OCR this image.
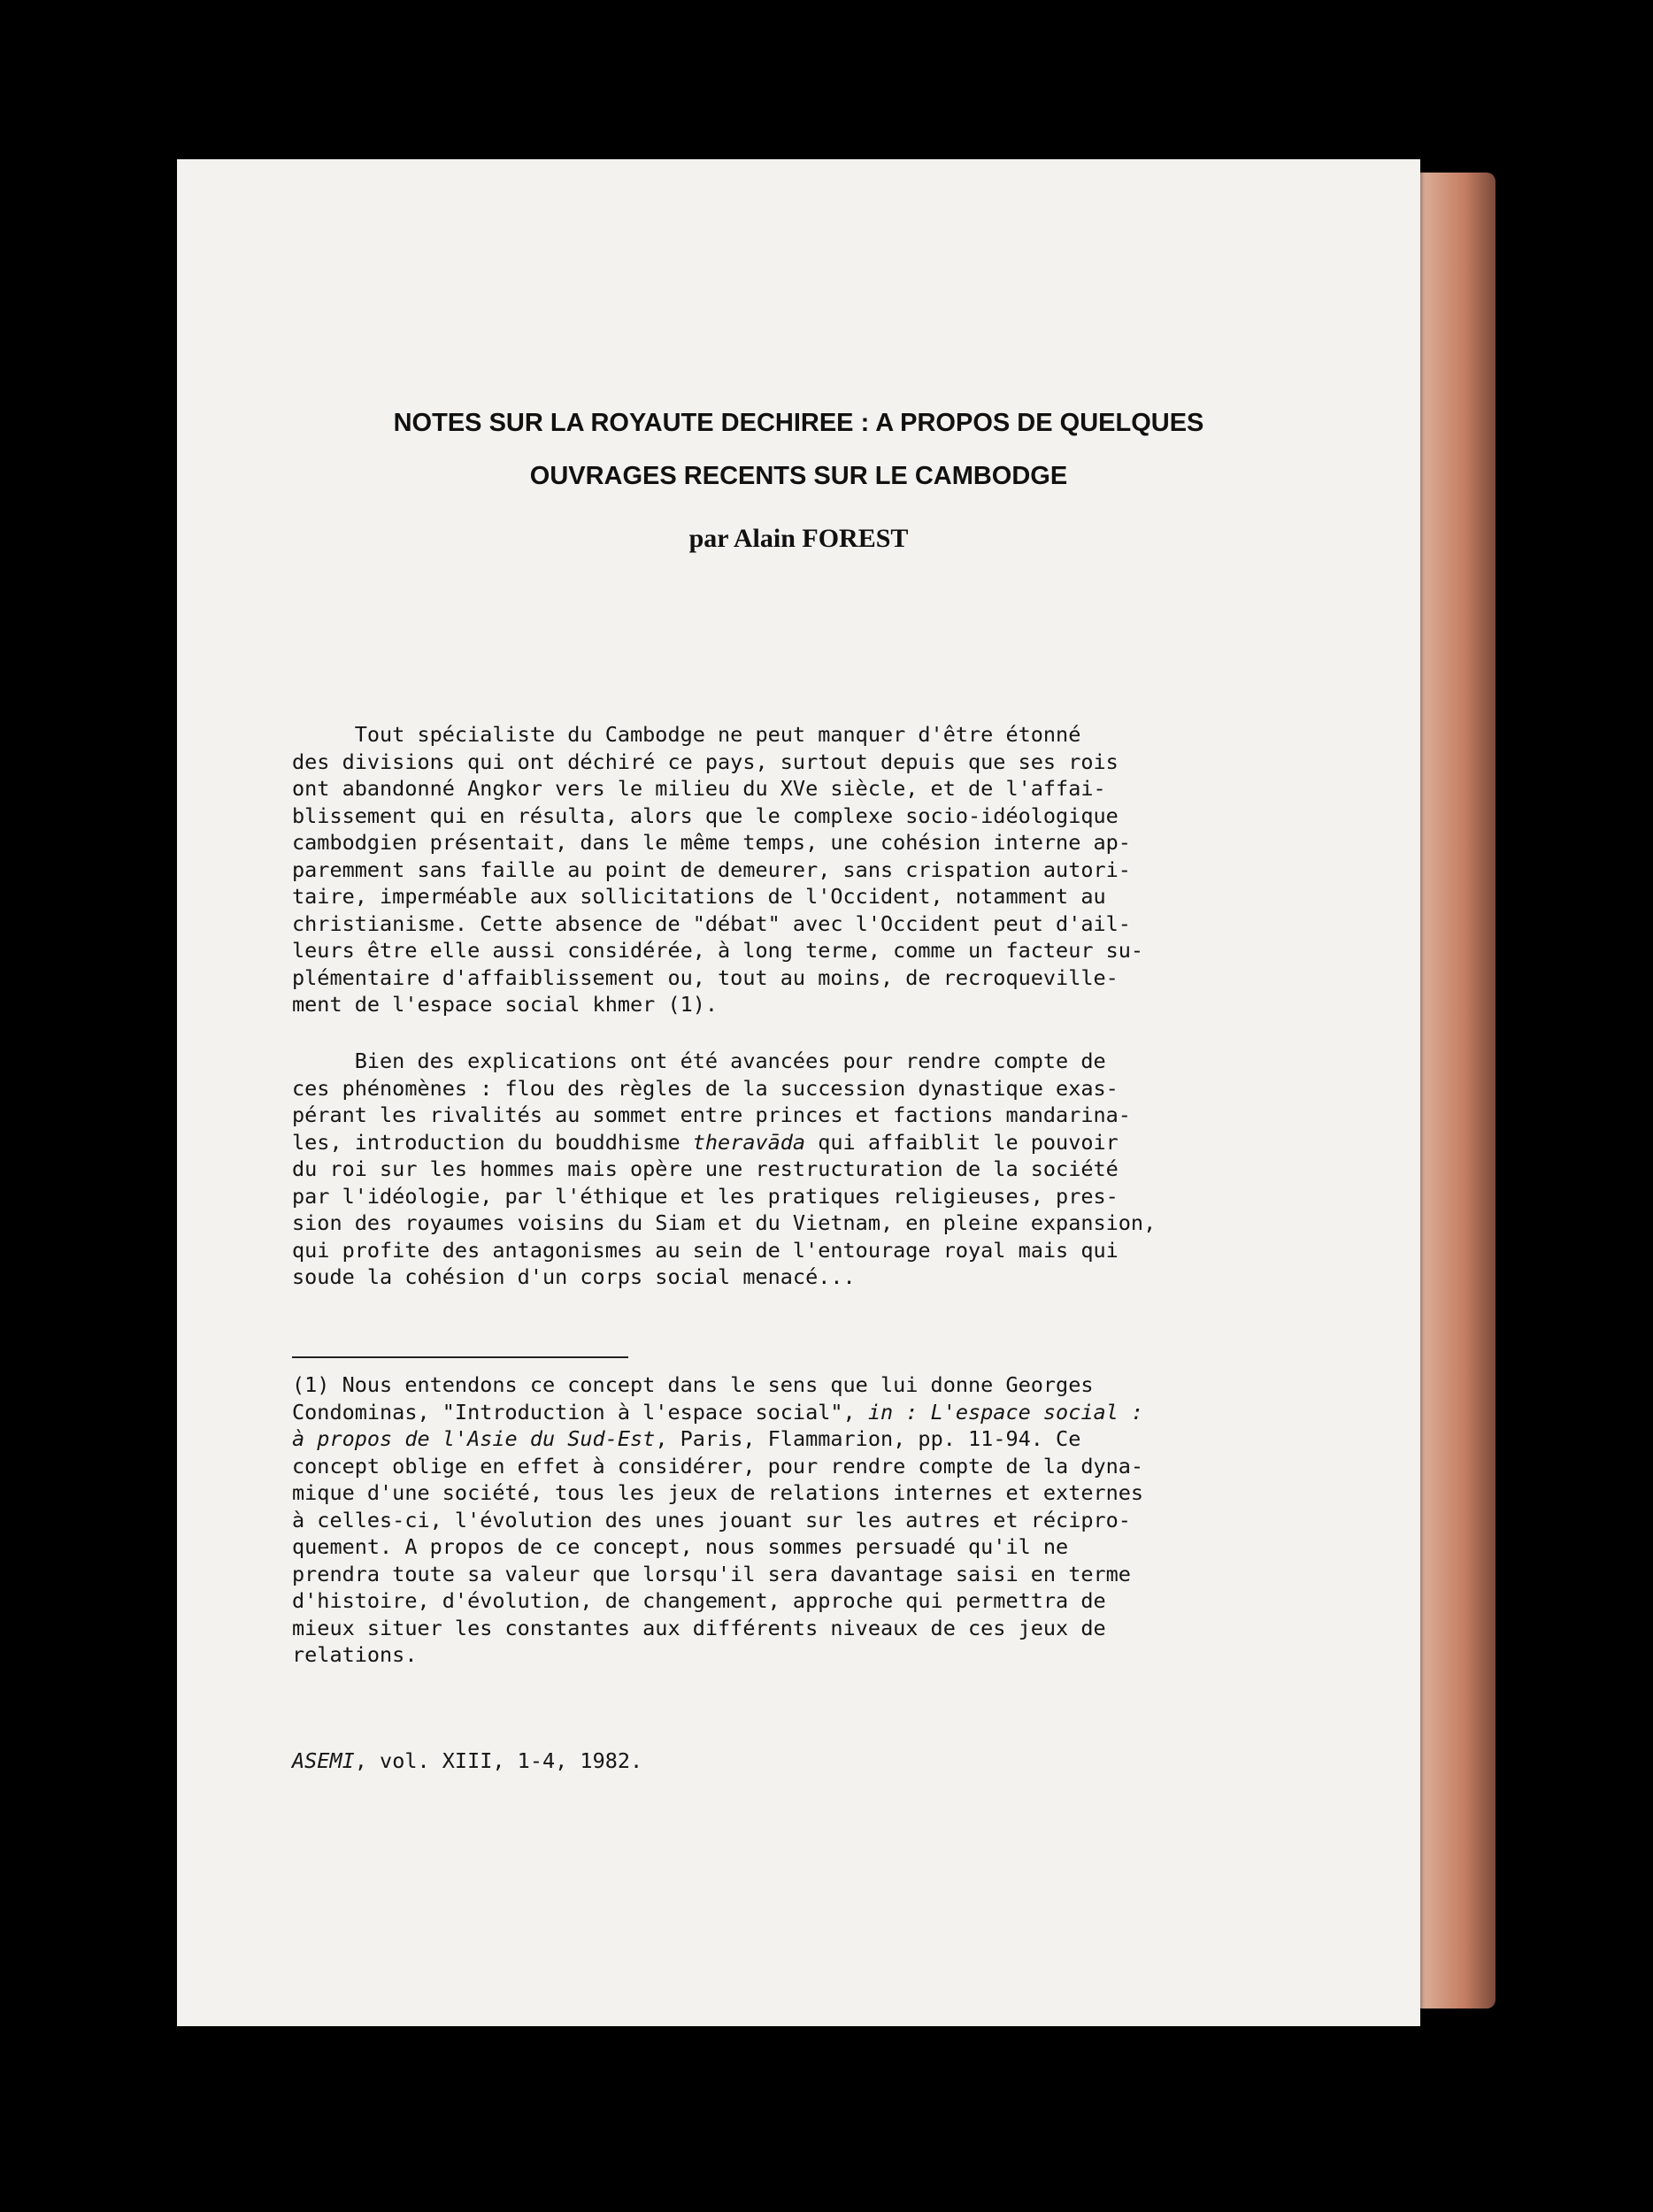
NOTES SUR LA ROYAUTE DECHIREE : A PROPOS DE QUELQUES
OUVRAGES RECENTS SUR LE CAMBODGE

par Alain FOREST

Tout spécialiste du Cambodge ne peut manquer d'être étonné
des divisions qui ont déchiré ce pays, surtout depuis que ses rois
ont abandonné Angkor vers le milieu du XVe siècle, et de l'affai-
blissement qui en résulta, alors que le complexe socio-idéologique
cambodgien présentait, dans le même temps, une cohésion interne ap-
paremment sans faille au point de demeurer, sans crispation autori-
taire, imperméable aux sollicitations de l'Occident, notamment au
christianisme. Cette absence de "débat" avec l'Occident peut d'ail-
leurs être elle aussi considérée, à long terme, comme un facteur su-
plémentaire d'affaiblissement ou, tout au moins, de recroqueville-
ment de l'espace social khmer (1).
Bien des explications ont été avancées pour rendre compte de
ces phénomènes : flou des règles de la succession dynastique exas-
pérant les rivalités au sommet entre princes et factions mandarina-
les, introduction du bouddhisme theravāda qui affaiblit le pouvoir
du roi sur les hommes mais opère une restructuration de la société
par l'idéologie, par l'éthique et les pratiques religieuses, pres-
sion des royaumes voisins du Siam et du Vietnam, en pleine expansion,
qui profite des antagonismes au sein de l'entourage royal mais qui
soude la cohésion d'un corps social menacé...
(1) Nous entendons ce concept dans le sens que lui donne Georges
Condominas, "Introduction à l'espace social", in : L'espace social :
à propos de l'Asie du Sud-Est, Paris, Flammarion, pp. 11-94. Ce
concept oblige en effet à considérer, pour rendre compte de la dyna-
mique d'une société, tous les jeux de relations internes et externes
à celles-ci, l'évolution des unes jouant sur les autres et récipro-
quement. A propos de ce concept, nous sommes persuadé qu'il ne
prendra toute sa valeur que lorsqu'il sera davantage saisi en terme
d'histoire, d'évolution, de changement, approche qui permettra de
mieux situer les constantes aux différents niveaux de ces jeux de
relations.
ASEMI, vol. XIII, 1-4, 1982.
